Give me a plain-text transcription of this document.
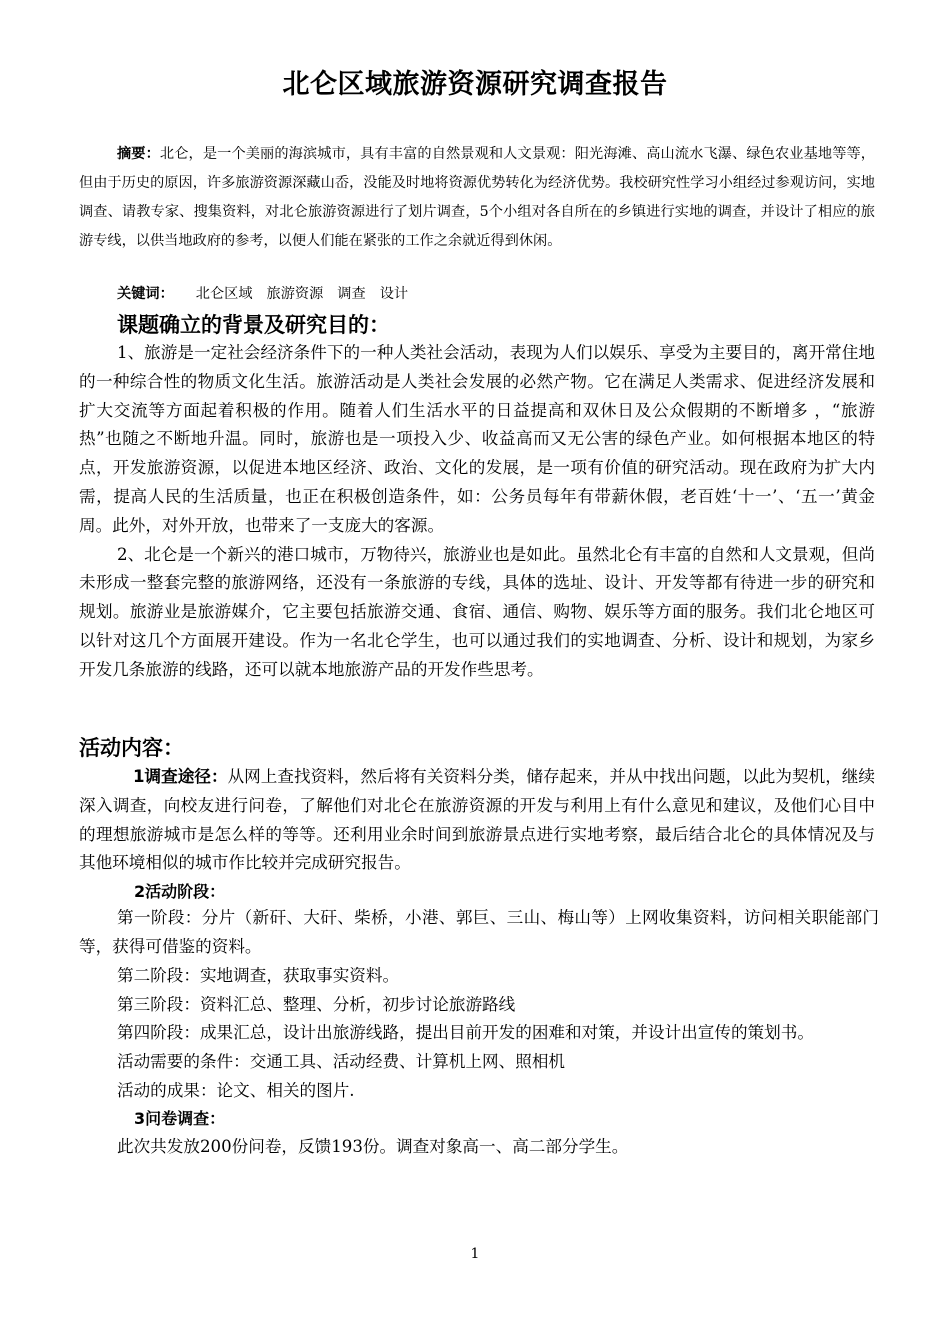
北仑区域旅游资源研究调查报告
摘要：北仑，是一个美丽的海滨城市，具有丰富的自然景观和人文景观：阳光海滩、高山流水飞瀑、绿色农业基地等等，但由于历史的原因，许多旅游资源深藏山岙，没能及时地将资源优势转化为经济优势。我校研究性学习小组经过参观访问，实地调查、请教专家、搜集资料，对北仑旅游资源进行了划片调查，5个小组对各自所在的乡镇进行实地的调查，并设计了相应的旅游专线，以供当地政府的参考，以便人们能在紧张的工作之余就近得到休闲。
关键词： 北仑区域 旅游资源 调查 设计
课题确立的背景及研究目的：

1、旅游是一定社会经济条件下的一种人类社会活动，表现为人们以娱乐、享受为主要目的，离开常住地的一种综合性的物质文化生活。旅游活动是人类社会发展的必然产物。它在满足人类需求、促进经济发展和扩大交流等方面起着积极的作用。随着人们生活水平的日益提高和双休日及公众假期的不断增多 ，“旅游热”也随之不断地升温。同时，旅游也是一项投入少、收益高而又无公害的绿色产业。如何根据本地区的特点，开发旅游资源，以促进本地区经济、政治、文化的发展，是一项有价值的研究活动。现在政府为扩大内需，提高人民的生活质量，也正在积极创造条件，如：公务员每年有带薪休假，老百姓‘十一’、‘五一’黄金周。此外，对外开放，也带来了一支庞大的客源。

2、北仑是一个新兴的港口城市，万物待兴，旅游业也是如此。虽然北仑有丰富的自然和人文景观，但尚未形成一整套完整的旅游网络，还没有一条旅游的专线，具体的选址、设计、开发等都有待进一步的研究和规划。旅游业是旅游媒介，它主要包括旅游交通、食宿、通信、购物、娱乐等方面的服务。我们北仑地区可以针对这几个方面展开建设。作为一名北仑学生，也可以通过我们的实地调查、分析、设计和规划，为家乡开发几条旅游的线路，还可以就本地旅游产品的开发作些思考。

活动内容：

1调查途径：从网上查找资料，然后将有关资料分类，储存起来，并从中找出问题，以此为契机，继续深入调查，向校友进行问卷，了解他们对北仑在旅游资源的开发与利用上有什么意见和建议，及他们心目中的理想旅游城市是怎么样的等等。还利用业余时间到旅游景点进行实地考察，最后结合北仑的具体情况及与其他环境相似的城市作比较并完成研究报告。

2活动阶段：
第一阶段：分片（新矸、大矸、柴桥，小港、郭巨、三山、梅山等）上网收集资料，访问相关职能部门等，获得可借鉴的资料。
第二阶段：实地调查，获取事实资料。
第三阶段：资料汇总、整理、分析，初步讨论旅游路线
第四阶段：成果汇总，设计出旅游线路，提出目前开发的困难和对策，并设计出宣传的策划书。
活动需要的条件：交通工具、活动经费、计算机上网、照相机
活动的成果：论文、相关的图片.
3问卷调查：
此次共发放200份问卷，反馈193份。调查对象高一、高二部分学生。
1
